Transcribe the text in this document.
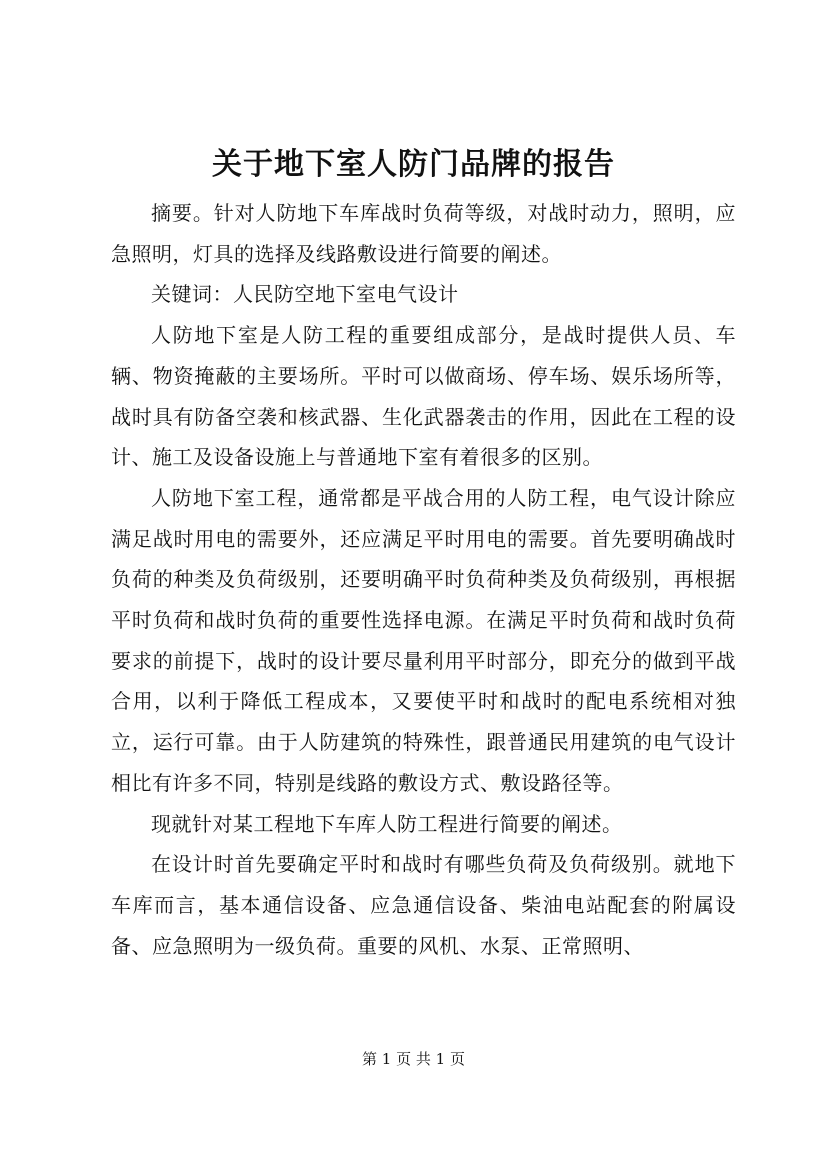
关于地下室人防门品牌的报告

摘要。针对人防地下车库战时负荷等级，对战时动力，照明，应急照明，灯具的选择及线路敷设进行简要的阐述。

关键词：人民防空地下室电气设计

人防地下室是人防工程的重要组成部分，是战时提供人员、车辆、物资掩蔽的主要场所。平时可以做商场、停车场、娱乐场所等，战时具有防备空袭和核武器、生化武器袭击的作用，因此在工程的设计、施工及设备设施上与普通地下室有着很多的区别。

人防地下室工程，通常都是平战合用的人防工程，电气设计除应满足战时用电的需要外，还应满足平时用电的需要。首先要明确战时负荷的种类及负荷级别，还要明确平时负荷种类及负荷级别，再根据平时负荷和战时负荷的重要性选择电源。在满足平时负荷和战时负荷要求的前提下，战时的设计要尽量利用平时部分，即充分的做到平战合用，以利于降低工程成本，又要使平时和战时的配电系统相对独立，运行可靠。由于人防建筑的特殊性，跟普通民用建筑的电气设计相比有许多不同，特别是线路的敷设方式、敷设路径等。

现就针对某工程地下车库人防工程进行简要的阐述。

在设计时首先要确定平时和战时有哪些负荷及负荷级别。就地下车库而言，基本通信设备、应急通信设备、柴油电站配套的附属设备、应急照明为一级负荷。重要的风机、水泵、正常照明、

第 1 页 共 1 页
